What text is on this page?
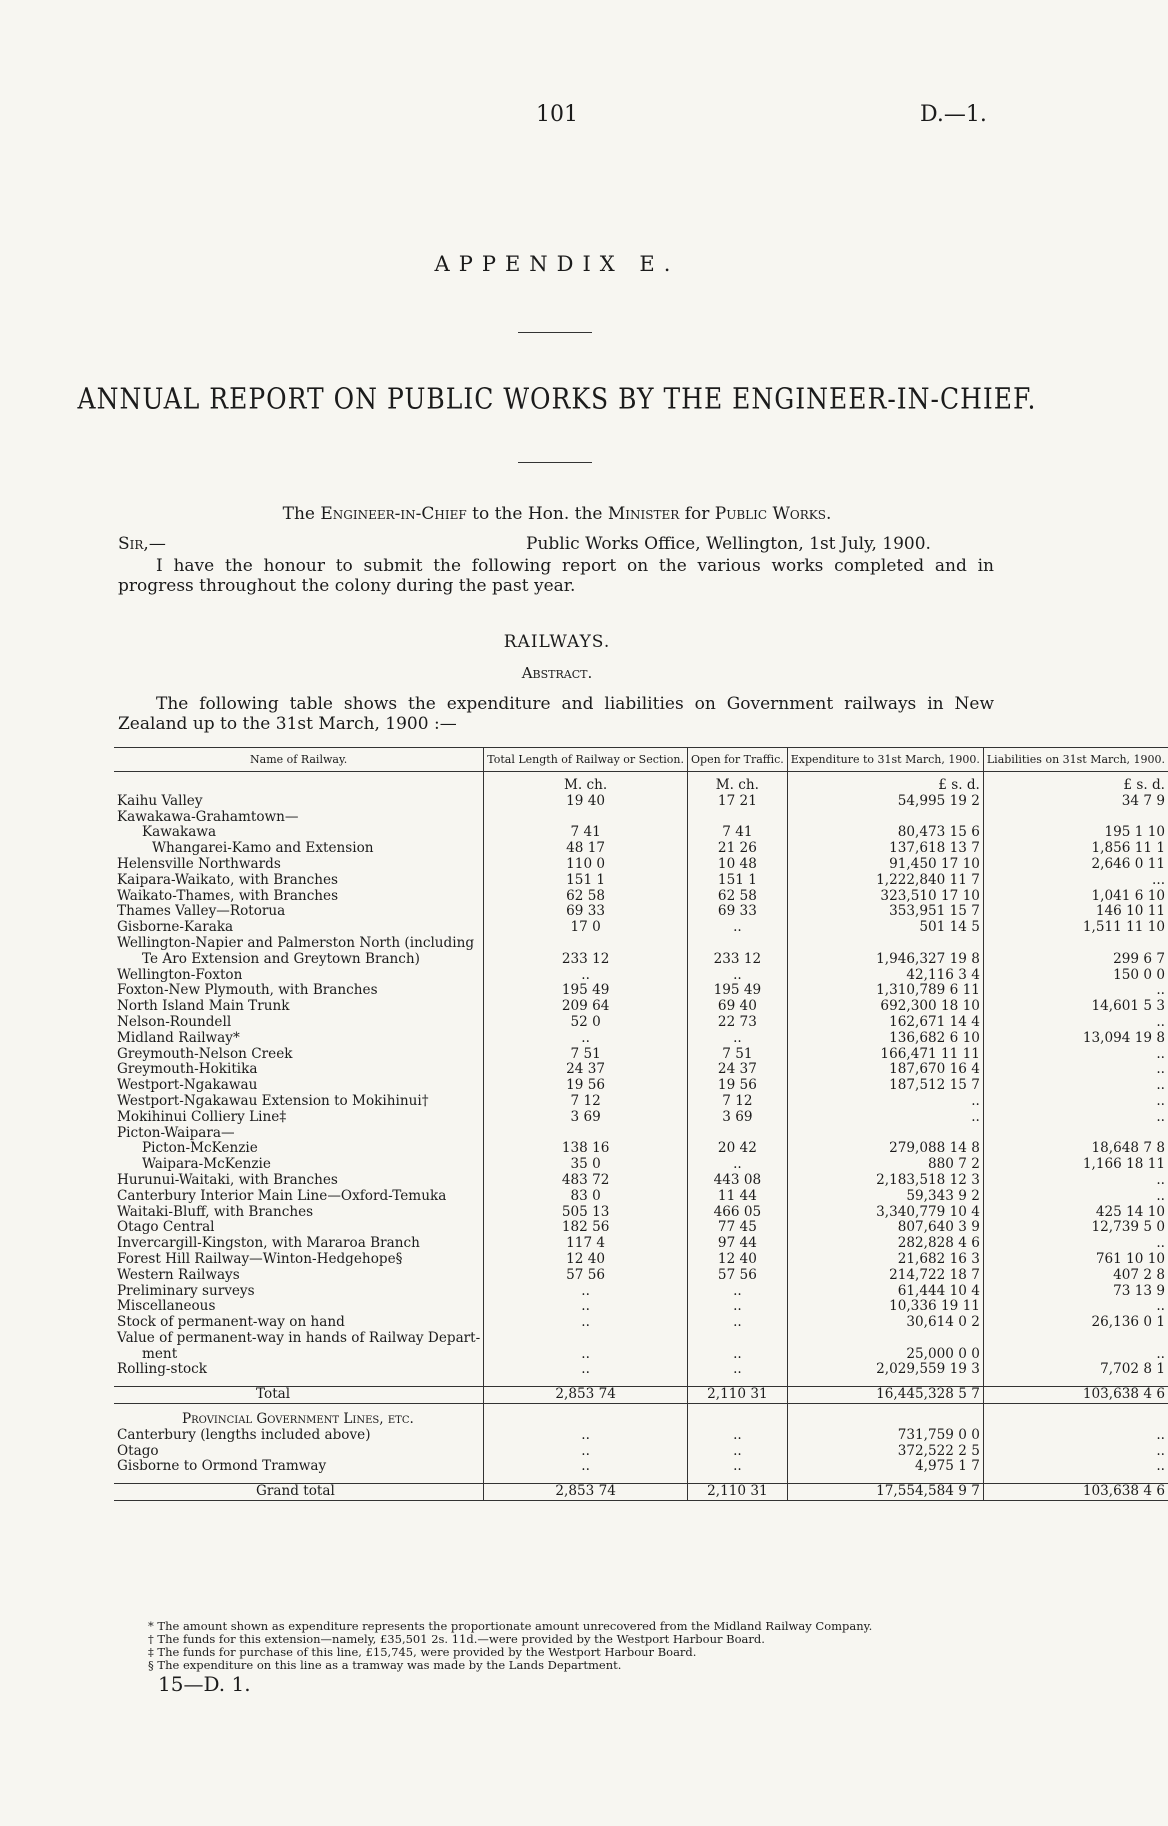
101	D.—1.
APPENDIX E.
ANNUAL REPORT ON PUBLIC WORKS BY THE ENGINEER-IN-CHIEF.
The Engineer-in-Chief to the Hon. the Minister for Public Works.
Sir,—	Public Works Office, Wellington, 1st July, 1900.
I have the honour to submit the following report on the various works completed and in progress throughout the colony during the past year.
RAILWAYS.
Abstract.
The following table shows the expenditure and liabilities on Government railways in New Zealand up to the 31st March, 1900 :—
Name of Railway.	Total Length of Railway or Section.	Open for Traffic.	Expenditure to 31st March, 1900.	Liabilities on 31st March, 1900.
	M. ch.	M. ch.	£ s. d.	£ s. d.
Kaihu Valley	19 40	17 21	54,995 19 2	34 7 9
Kawakawa-Grahamtown—				
Kawakawa	7 41	7 41	80,473 15 6	195 1 10
Whangarei-Kamo and Extension	48 17	21 26	137,618 13 7	1,856 11 1
Helensville Northwards	110 0	10 48	91,450 17 10	2,646 0 11
Kaipara-Waikato, with Branches	151 1	151 1	1,222,840 11 7	...
Waikato-Thames, with Branches	62 58	62 58	323,510 17 10	1,041 6 10
Thames Valley—Rotorua	69 33	69 33	353,951 15 7	146 10 11
Gisborne-Karaka	17 0	..	501 14 5	1,511 11 10
Wellington-Napier and Palmerston North (including				
Te Aro Extension and Greytown Branch)	233 12	233 12	1,946,327 19 8	299 6 7
Wellington-Foxton	..	..	42,116 3 4	150 0 0
Foxton-New Plymouth, with Branches	195 49	195 49	1,310,789 6 11	..
North Island Main Trunk	209 64	69 40	692,300 18 10	14,601 5 3
Nelson-Roundell	52 0	22 73	162,671 14 4	..
Midland Railway*	..	..	136,682 6 10	13,094 19 8
Greymouth-Nelson Creek	7 51	7 51	166,471 11 11	..
Greymouth-Hokitika	24 37	24 37	187,670 16 4	..
Westport-Ngakawau	19 56	19 56	187,512 15 7	..
Westport-Ngakawau Extension to Mokihinui†	7 12	7 12	..	..
Mokihinui Colliery Line‡	3 69	3 69	..	..
Picton-Waipara—				
Picton-McKenzie	138 16	20 42	279,088 14 8	18,648 7 8
Waipara-McKenzie	35 0	..	880 7 2	1,166 18 11
Hurunui-Waitaki, with Branches	483 72	443 08	2,183,518 12 3	..
Canterbury Interior Main Line—Oxford-Temuka	83 0	11 44	59,343 9 2	..
Waitaki-Bluff, with Branches	505 13	466 05	3,340,779 10 4	425 14 10
Otago Central	182 56	77 45	807,640 3 9	12,739 5 0
Invercargill-Kingston, with Mararoa Branch	117 4	97 44	282,828 4 6	..
Forest Hill Railway—Winton-Hedgehope§	12 40	12 40	21,682 16 3	761 10 10
Western Railways	57 56	57 56	214,722 18 7	407 2 8
Preliminary surveys	..	..	61,444 10 4	73 13 9
Miscellaneous	..	..	10,336 19 11	..
Stock of permanent-way on hand	..	..	30,614 0 2	26,136 0 1
Value of permanent-way in hands of Railway Depart-				
ment	..	..	25,000 0 0	..
Rolling-stock	..	..	2,029,559 19 3	7,702 8 1

Total	2,853 74	2,110 31	16,445,328 5 7	103,638 4 6

Provincial Government Lines, etc.				
Canterbury (lengths included above)	..	..	731,759 0 0	..
Otago	..	..	372,522 2 5	..
Gisborne to Ormond Tramway	..	..	4,975 1 7	..

Grand total	2,853 74	2,110 31	17,554,584 9 7	103,638 4 6
* The amount shown as expenditure represents the proportionate amount unrecovered from the Midland Railway Company.
† The funds for this extension—namely, £35,501 2s. 11d.—were provided by the Westport Harbour Board.
‡ The funds for purchase of this line, £15,745, were provided by the Westport Harbour Board.
§ The expenditure on this line as a tramway was made by the Lands Department.
15—D. 1.
